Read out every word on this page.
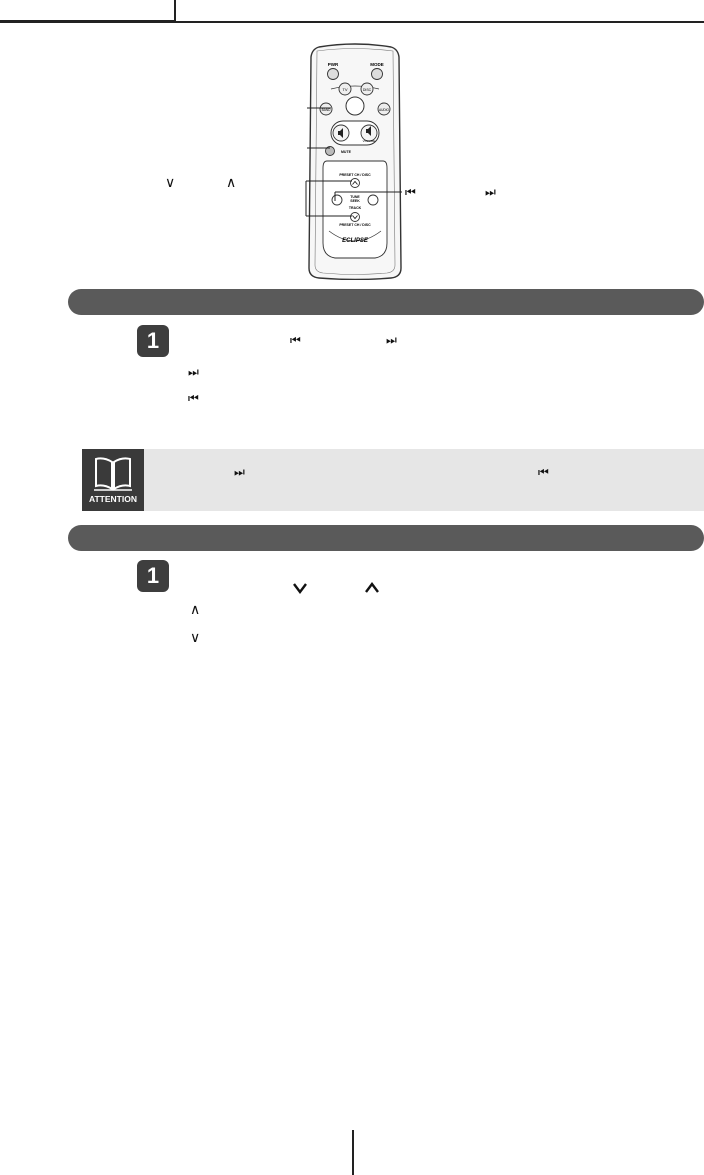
PWR	MODE
TV	DISC
BAND	AUDIO
VOLUME
MUTE
PRESET CH / DISC
TUNE
SEEK
TRACK
PRESET CH / DISC
ECLIPSE
∨	∧
⏮	⏭
1	⏮	⏭
⏭
⏮
ATTENTION
⏭	⏮
1
∧
∨
